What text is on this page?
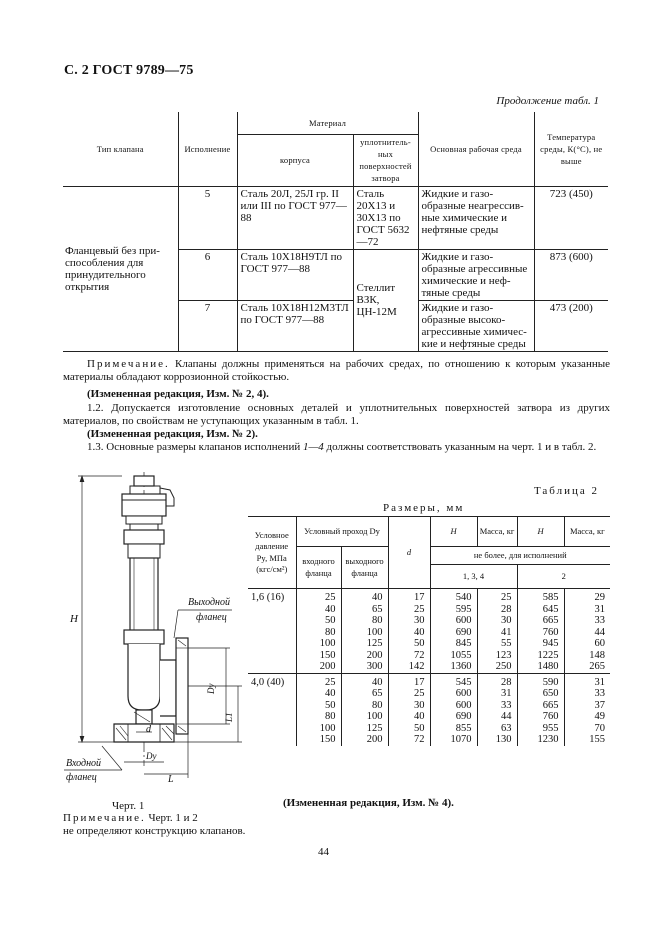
С. 2 ГОСТ 9789—75
Продолжение табл. 1
Тип клапана	Исполнение	Материал		Основная рабочая среда	Температура среды, К(°С), не выше
		корпуса	уплотнитель- ных поверхностей затвора		
Фланцевый без приспособления для принудительного открытия	5	Сталь 20Л, 25Л гр. II или III по ГОСТ 977—88	Сталь 20Х13 и 30Х13 по ГОСТ 5632—72	Жидкие и газообразные неагрессивные химические и нефтяные среды	723 (450)
	6	Сталь 10Х18Н9ТЛ по ГОСТ 977—88	Стеллит ВЗК, ЦН-12М	Жидкие и газообразные агрессивные химические и нефтяные среды	873 (600)
	7	Сталь 10Х18Н12М3ТЛ по ГОСТ 977—88		Жидкие и газообразные высокоагрессивные химические и нефтяные среды	473 (200)
Примечание. Клапаны должны применяться на рабочих средах, по отношению к которым указанные материалы обладают коррозионной стойкостью.
(Измененная редакция, Изм. № 2, 4).
1.2. Допускается изготовление основных деталей и уплотнительных поверхностей затвора из других материалов, по свойствам не уступающих указанным в табл. 1.
(Измененная редакция, Изм. № 2).
1.3. Основные размеры клапанов исполнений 1—4 должны соответствовать указанным на черт. 1 и в табл. 2.
Выходной
фланец
H
Dy
L1
d
Dy
L
Входной
фланец
Таблица 2
Размеры, мм
Условное давление Py, МПа (кгс/см²)	Условный проход Dy		d	H	Масса, кг	H	Масса, кг
	входного фланца	выходного фланца		не более, для исполнений			
				1, 3, 4		2	
1,6 (16)	25	40	17	540	25	585	29
	40	65	25	595	28	645	31
	50	80	30	600	30	665	33
	80	100	40	690	41	760	44
	100	125	50	845	55	945	60
	150	200	72	1055	123	1225	148
	200	300	142	1360	250	1480	265
4,0 (40)	25	40	17	545	28	590	31
	40	65	25	600	31	650	33
	50	80	30	600	33	665	37
	80	100	40	690	44	760	49
	100	125	50	855	63	955	70
	150	200	72	1070	130	1230	155
Черт. 1
Примечание. Черт. 1 и 2
не определяют конструкцию клапанов.
(Измененная редакция, Изм. № 4).
44
